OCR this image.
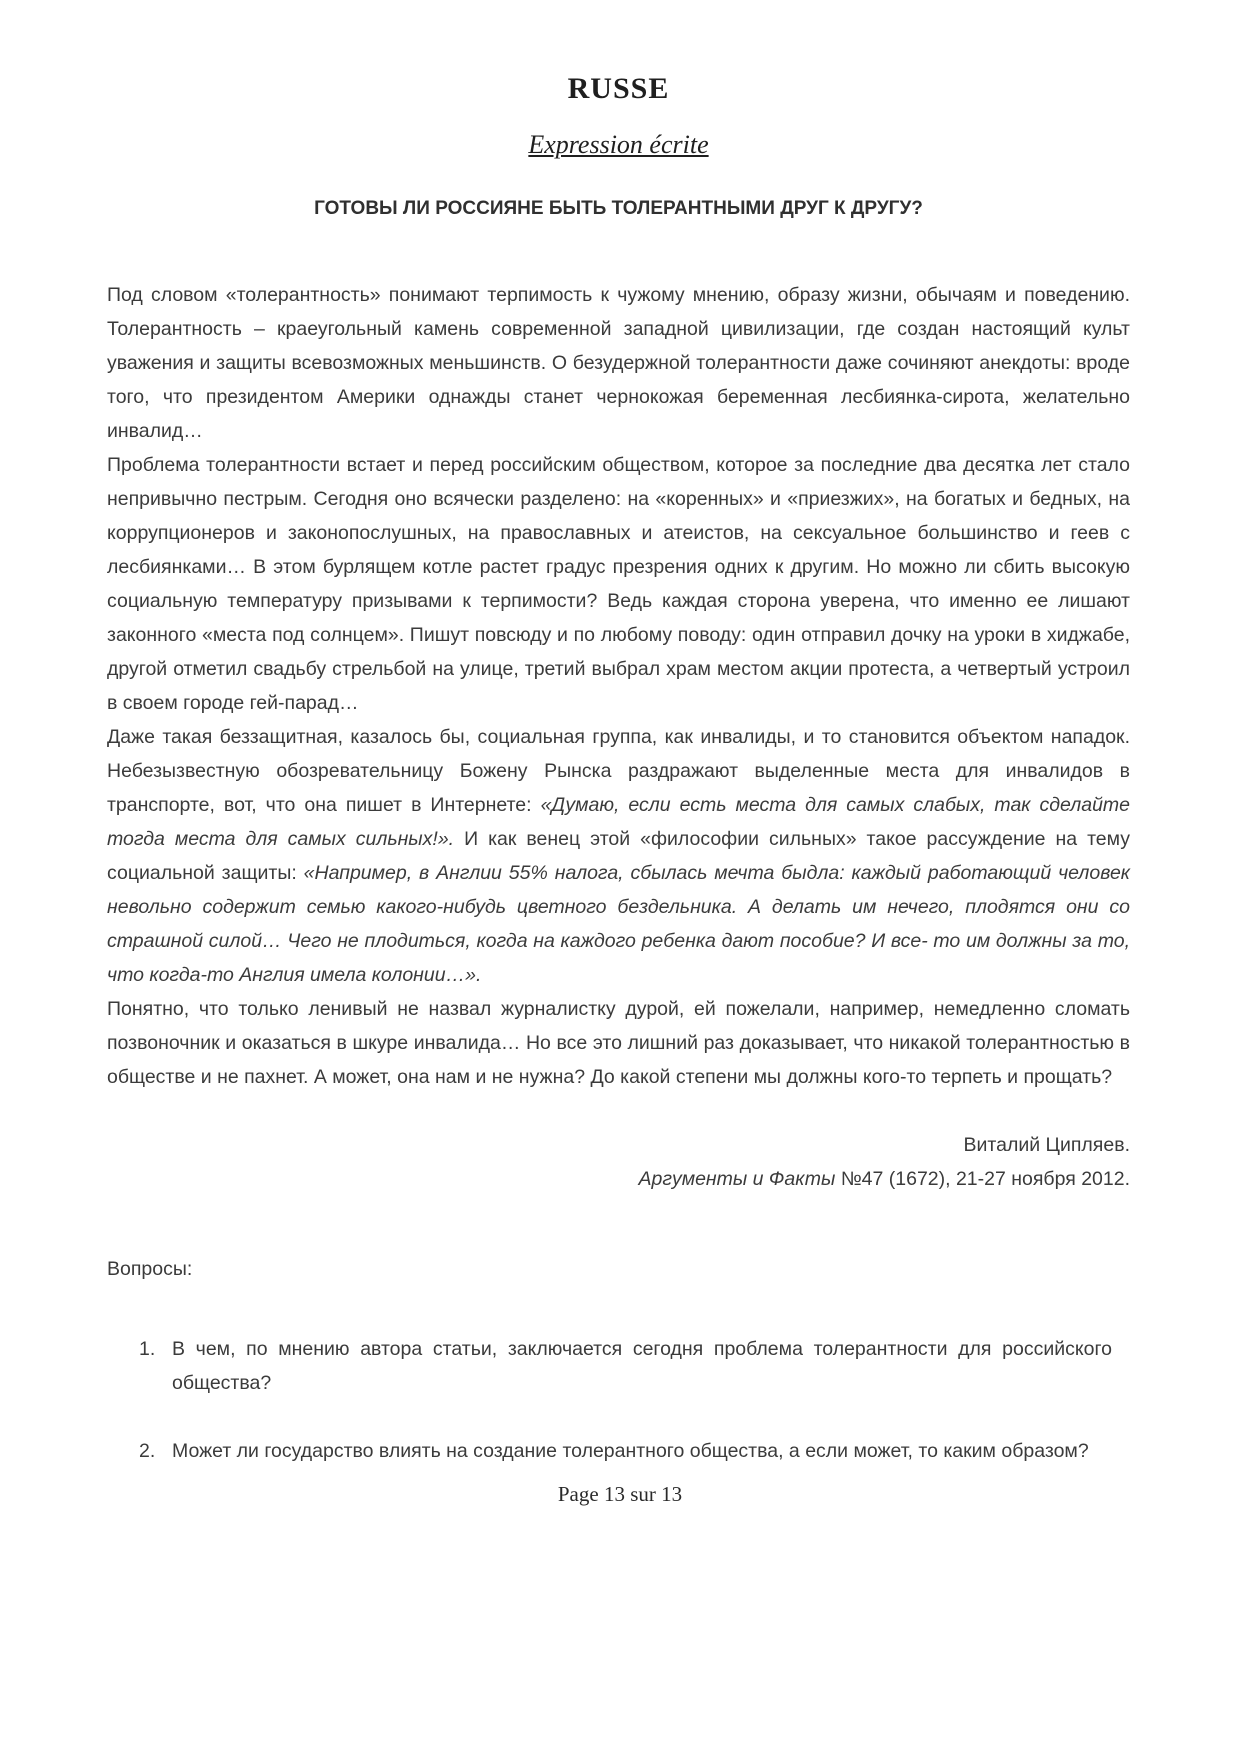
RUSSE
Expression écrite
ГОТОВЫ ЛИ РОССИЯНЕ БЫТЬ ТОЛЕРАНТНЫМИ ДРУГ К ДРУГУ?

Под словом «толерантность» понимают терпимость к чужому мнению, образу жизни, обычаям и поведению. Толерантность – краеугольный камень современной западной цивилизации, где создан настоящий культ уважения и защиты всевозможных меньшинств. О безудержной толерантности даже сочиняют анекдоты: вроде того, что президентом Америки однажды станет чернокожая беременная лесбиянка-сирота, желательно инвалид…

Проблема толерантности встает и перед российским обществом, которое за последние два десятка лет стало непривычно пестрым. Сегодня оно всячески разделено: на «коренных» и «приезжих», на богатых и бедных, на коррупционеров и законопослушных, на православных и атеистов, на сексуальное большинство и геев с лесбиянками… В этом бурлящем котле растет градус презрения одних к другим. Но можно ли сбить высокую социальную температуру призывами к терпимости? Ведь каждая сторона уверена, что именно ее лишают законного «места под солнцем». Пишут повсюду и по любому поводу: один отправил дочку на уроки в хиджабе, другой отметил свадьбу стрельбой на улице, третий выбрал храм местом акции протеста, а четвертый устроил в своем городе гей-парад…

Даже такая беззащитная, казалось бы, социальная группа, как инвалиды, и то становится объектом нападок. Небезызвестную обозревательницу Божену Рынска раздражают выделенные места для инвалидов в транспорте, вот, что она пишет в Интернете: «Думаю, если есть места для самых слабых, так сделайте тогда места для самых сильных!». И как венец этой «философии сильных» такое рассуждение на тему социальной защиты: «Например, в Англии 55% налога, сбылась мечта быдла: каждый работающий человек невольно содержит семью какого-нибудь цветного бездельника. А делать им нечего, плодятся они со страшной силой… Чего не плодиться, когда на каждого ребенка дают пособие? И все- то им должны за то, что когда-то Англия имела колонии…».

Понятно, что только ленивый не назвал журналистку дурой, ей пожелали, например, немедленно сломать позвоночник и оказаться в шкуре инвалида… Но все это лишний раз доказывает, что никакой толерантностью в обществе и не пахнет. А может, она нам и не нужна? До какой степени мы должны кого-то терпеть и прощать?

Виталий Ципляев.

Аргументы и Факты №47 (1672), 21-27 ноября 2012.

Вопросы:

1. В чем, по мнению автора статьи, заключается сегодня проблема толерантности для российского общества?
2. Может ли государство влиять на создание толерантного общества, а если может, то каким образом?
Page 13 sur 13
